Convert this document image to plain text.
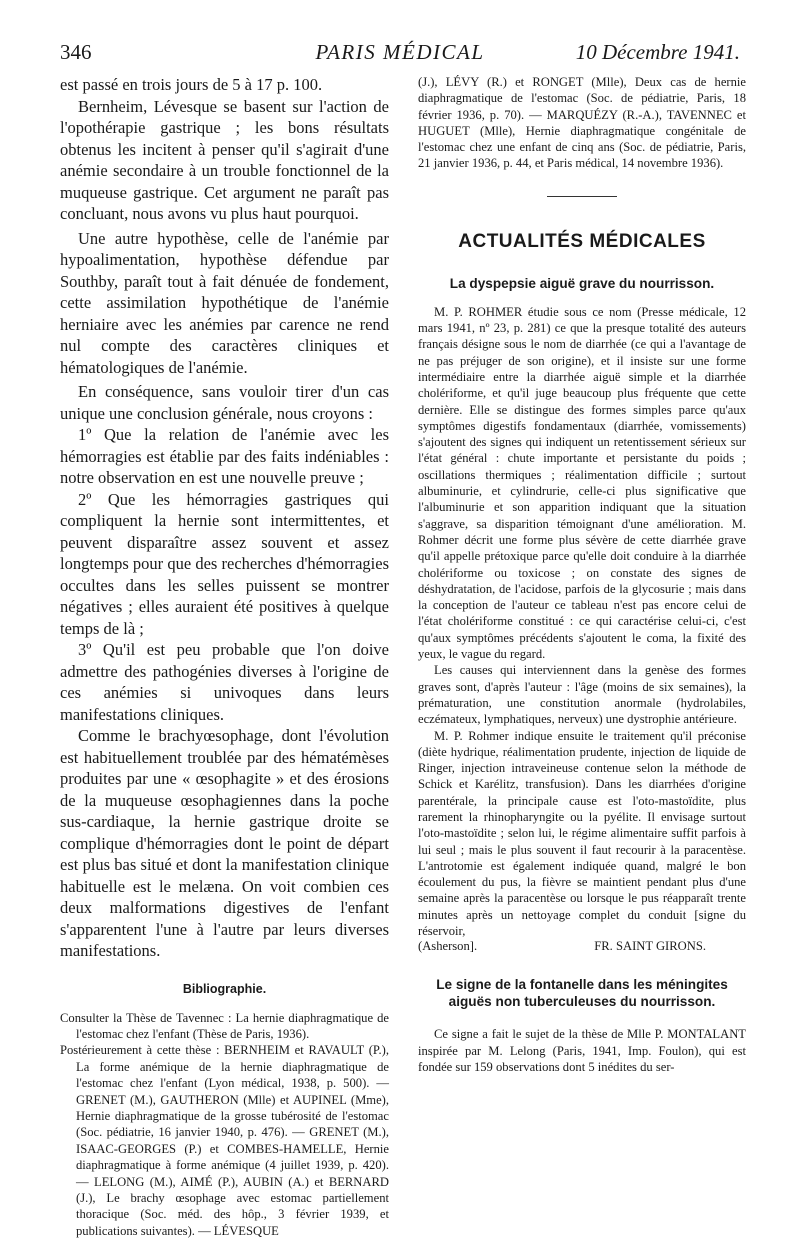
346	PARIS MÉDICAL	10 Décembre 1941.

est passé en trois jours de 5 à 17 p. 100.

Bernheim, Lévesque se basent sur l'action de l'opothérapie gastrique ; les bons résultats obtenus les incitent à penser qu'il s'agirait d'une anémie secondaire à un trouble fonctionnel de la muqueuse gastrique. Cet argument ne paraît pas concluant, nous avons vu plus haut pourquoi.

Une autre hypothèse, celle de l'anémie par hypoalimentation, hypothèse défendue par Southby, paraît tout à fait dénuée de fondement, cette assimilation hypothétique de l'anémie herniaire avec les anémies par carence ne rend nul compte des caractères cliniques et hématologiques de l'anémie.

En conséquence, sans vouloir tirer d'un cas unique une conclusion générale, nous croyons :

1º Que la relation de l'anémie avec les hémorragies est établie par des faits indéniables : notre observation en est une nouvelle preuve ;

2º Que les hémorragies gastriques qui compliquent la hernie sont intermittentes, et peuvent disparaître assez souvent et assez longtemps pour que des recherches d'hémorragies occultes dans les selles puissent se montrer négatives ; elles auraient été positives à quelque temps de là ;

3º Qu'il est peu probable que l'on doive admettre des pathogénies diverses à l'origine de ces anémies si univoques dans leurs manifestations cliniques.

Comme le brachyœsophage, dont l'évolution est habituellement troublée par des hématémèses produites par une « œsophagite » et des érosions de la muqueuse œsophagiennes dans la poche sus-cardiaque, la hernie gastrique droite se complique d'hémorragies dont le point de départ est plus bas situé et dont la manifestation clinique habituelle est le melæna. On voit combien ces deux malformations digestives de l'enfant s'apparentent l'une à l'autre par leurs diverses manifestations.

Bibliographie.

Consulter la Thèse de Tavennec : La hernie diaphragmatique de l'estomac chez l'enfant (Thèse de Paris, 1936).

Postérieurement à cette thèse : BERNHEIM et RAVAULT (P.), La forme anémique de la hernie diaphragmatique de l'estomac chez l'enfant (Lyon médical, 1938, p. 500). — GRENET (M.), GAUTHERON (Mlle) et AUPINEL (Mme), Hernie diaphragmatique de la grosse tubérosité de l'estomac (Soc. pédiatrie, 16 janvier 1940, p. 476). — GRENET (M.), ISAAC-GEORGES (P.) et COMBES-HAMELLE, Hernie diaphragmatique à forme anémique (4 juillet 1939, p. 420). — LELONG (M.), AIMÉ (P.), AUBIN (A.) et BERNARD (J.), Le brachy œsophage avec estomac partiellement thoracique (Soc. méd. des hôp., 3 février 1939, et publications suivantes). — LÉVESQUE

(J.), LÉVY (R.) et RONGET (Mlle), Deux cas de hernie diaphragmatique de l'estomac (Soc. de pédiatrie, Paris, 18 février 1936, p. 70). — MARQUÉZY (R.-A.), TAVENNEC et HUGUET (Mlle), Hernie diaphragmatique congénitale de l'estomac chez une enfant de cinq ans (Soc. de pédiatrie, Paris, 21 janvier 1936, p. 44, et Paris médical, 14 novembre 1936).

ACTUALITÉS MÉDICALES
La dyspepsie aiguë grave du nourrisson.

M. P. ROHMER étudie sous ce nom (Presse médicale, 12 mars 1941, nº 23, p. 281) ce que la presque totalité des auteurs français désigne sous le nom de diarrhée (ce qui a l'avantage de ne pas préjuger de son origine), et il insiste sur une forme intermédiaire entre la diarrhée aiguë simple et la diarrhée cholériforme, et qu'il juge beaucoup plus fréquente que cette dernière. Elle se distingue des formes simples parce qu'aux symptômes digestifs fondamentaux (diarrhée, vomissements) s'ajoutent des signes qui indiquent un retentissement sérieux sur l'état général : chute importante et persistante du poids ; oscillations thermiques ; réalimentation difficile ; surtout albuminurie, et cylindrurie, celle-ci plus significative que l'albuminurie et son apparition indiquant que la situation s'aggrave, sa disparition témoignant d'une amélioration. M. Rohmer décrit une forme plus sévère de cette diarrhée grave qu'il appelle prétoxique parce qu'elle doit conduire à la diarrhée cholériforme ou toxicose ; on constate des signes de déshydratation, de l'acidose, parfois de la glycosurie ; mais dans la conception de l'auteur ce tableau n'est pas encore celui de l'état cholériforme constitué : ce qui caractérise celui-ci, c'est qu'aux symptômes précédents s'ajoutent le coma, la fixité des yeux, le vague du regard.

Les causes qui interviennent dans la genèse des formes graves sont, d'après l'auteur : l'âge (moins de six semaines), la prématuration, une constitution anormale (hydrolabiles, eczémateux, lymphatiques, nerveux) une dystrophie antérieure.

M. P. Rohmer indique ensuite le traitement qu'il préconise (diète hydrique, réalimentation prudente, injection de liquide de Ringer, injection intraveineuse contenue selon la méthode de Schick et Karélitz, transfusion). Dans les diarrhées d'origine parentérale, la principale cause est l'oto-mastoïdite, plus rarement la rhinopharyngite ou la pyélite. Il envisage surtout l'oto-mastoïdite ; selon lui, le régime alimentaire suffit parfois à lui seul ; mais le plus souvent il faut recourir à la paracentèse. L'antrotomie est également indiquée quand, malgré le bon écoulement du pus, la fièvre se maintient pendant plus d'une semaine après la paracentèse ou lorsque le pus réapparaît trente minutes après un nettoyage complet du conduit [signe du réservoir,

(Asherson].	FR. SAINT GIRONS.
Le signe de la fontanelle dans les méningites aiguës non tuberculeuses du nourrisson.

Ce signe a fait le sujet de la thèse de Mlle P. MONTALANT inspirée par M. Lelong (Paris, 1941, Imp. Foulon), qui est fondée sur 159 observations dont 5 inédites du ser-
